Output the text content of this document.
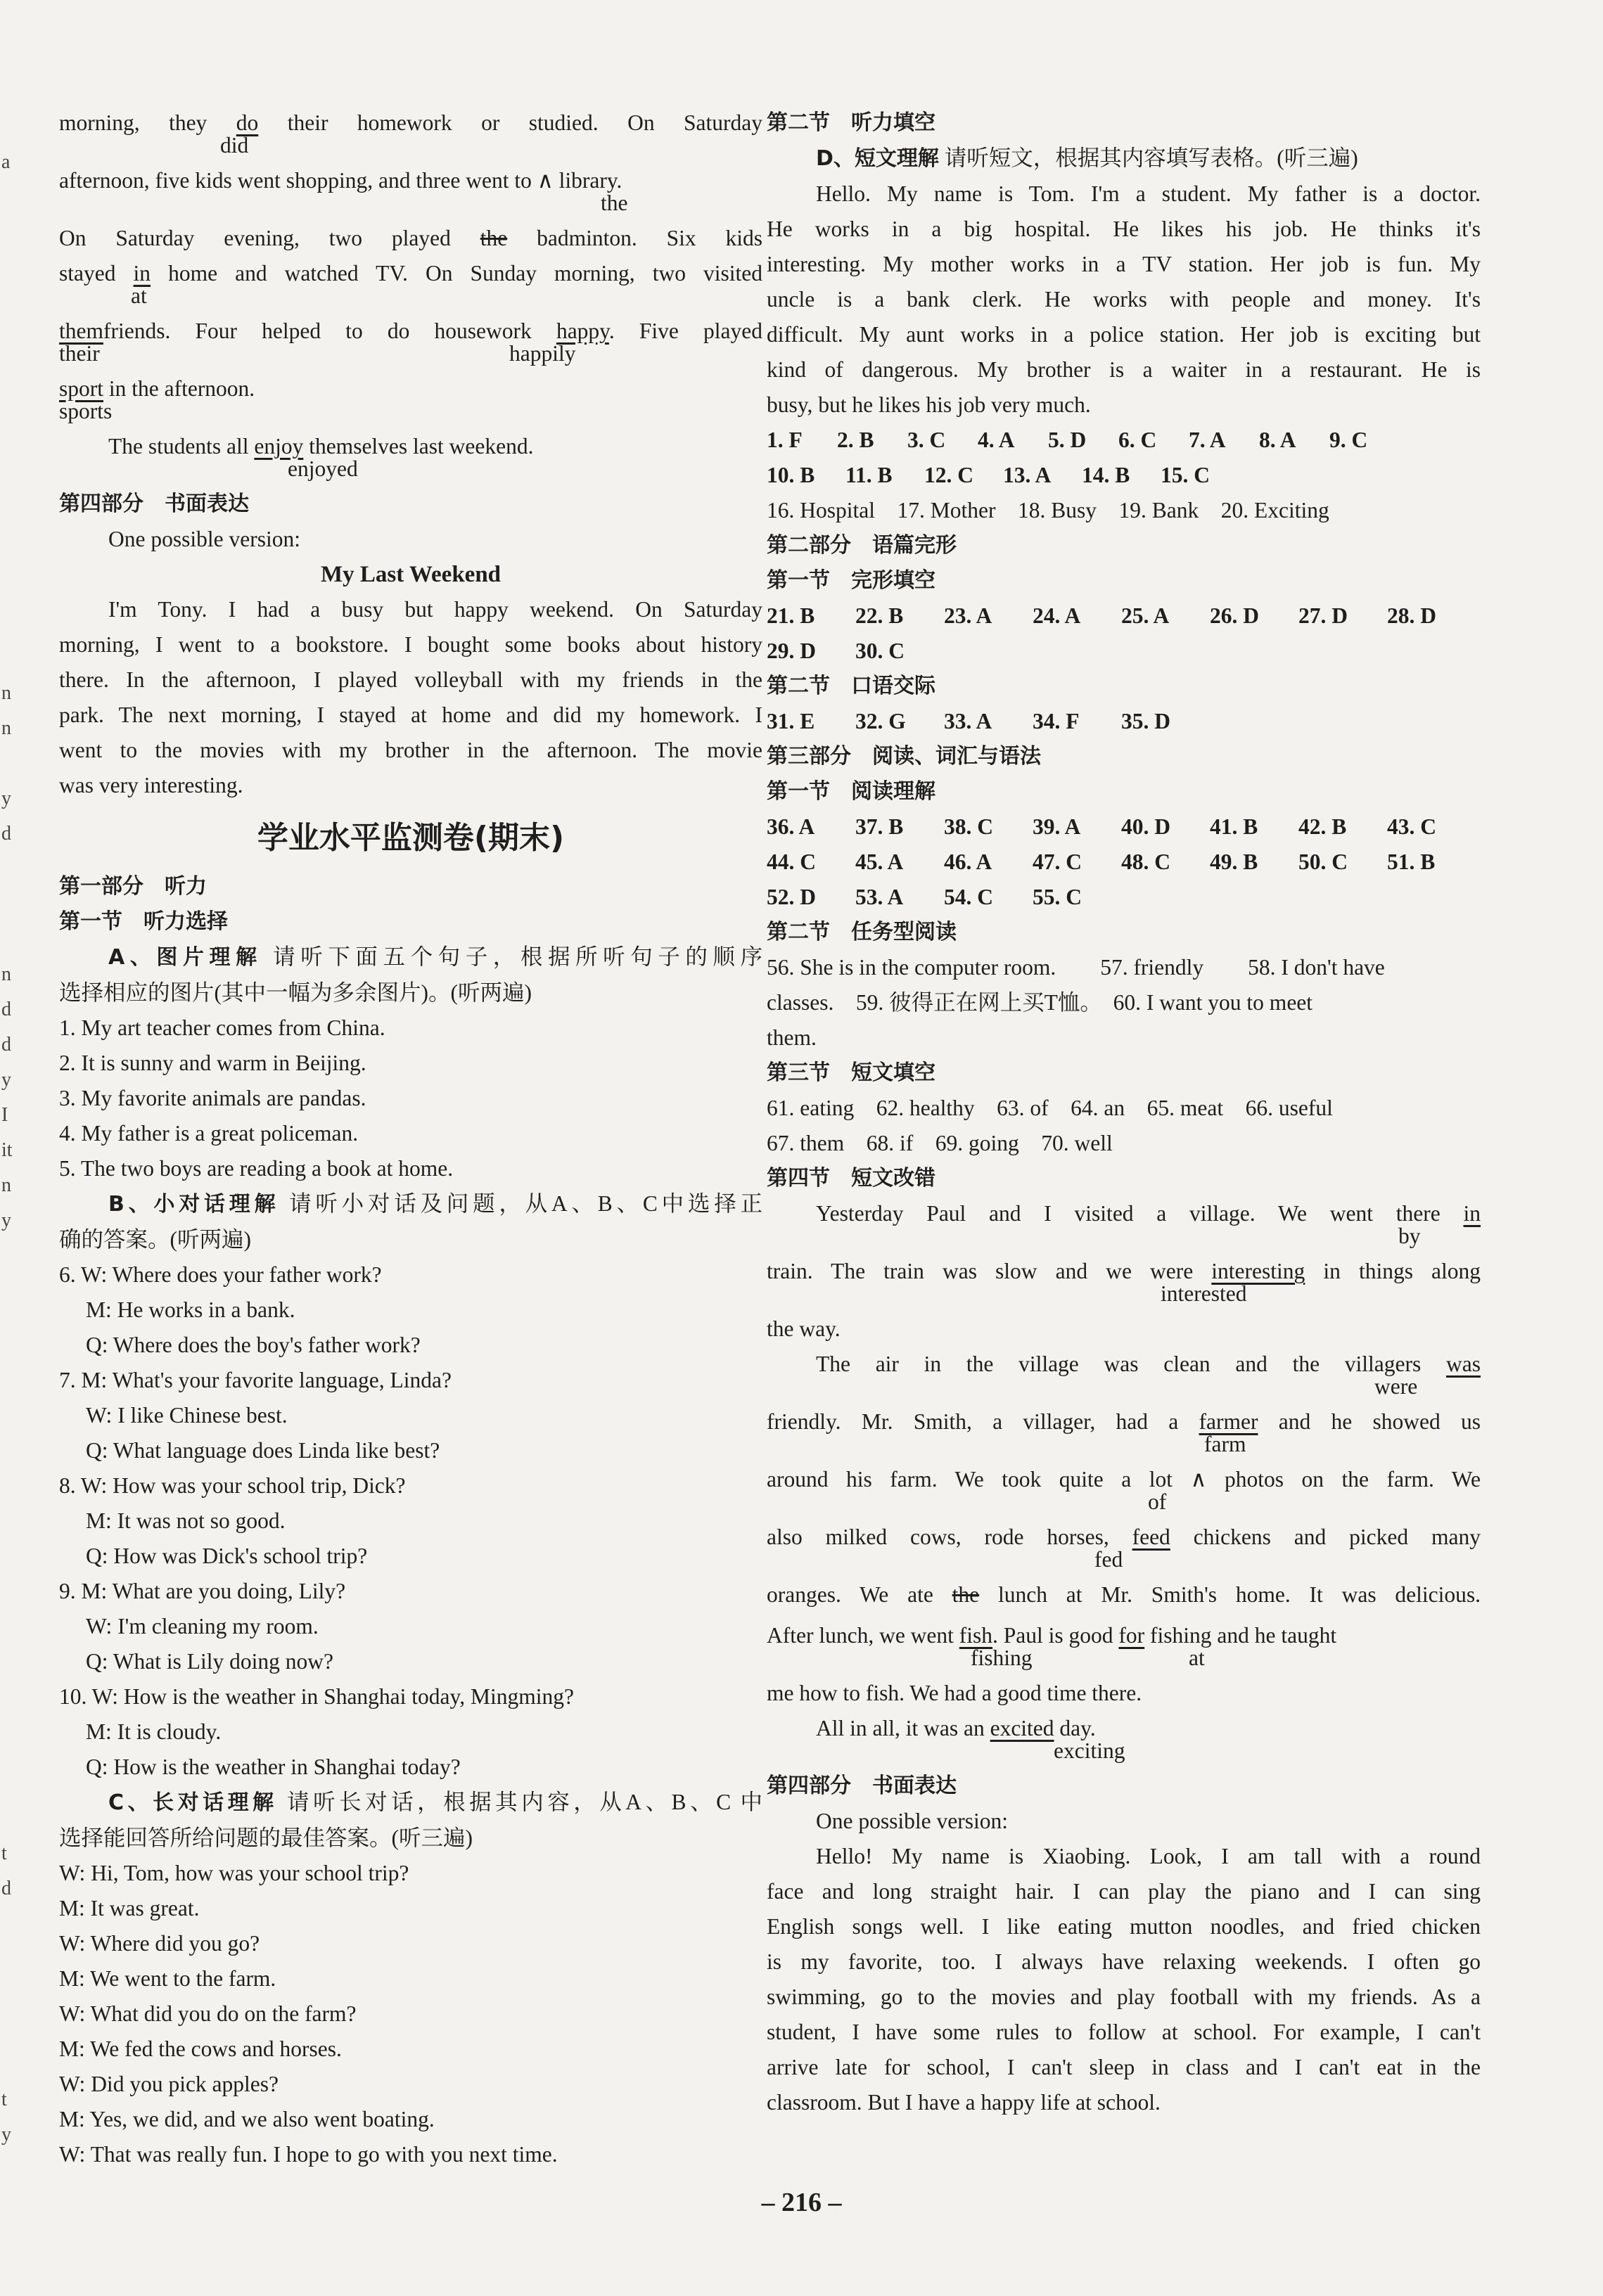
a
n
n
y
d
n
d
d
y
I
it
n
y
t
d
t
y
morning, they do their homework or studied. On Saturday
did
afternoon, five kids went shopping, and three went to ∧ library.
the
On Saturday evening, two played the badminton. Six kids
stayed in home and watched TV. On Sunday morning, two visited
at
themfriends. Four helped to do housework happy. Five played
their	happily
sport in the afternoon.
sports
The students all enjoy themselves last weekend.
enjoyed
第四部分　书面表达
One possible version:
My Last Weekend
I'm Tony. I had a busy but happy weekend. On Saturday
morning, I went to a bookstore. I bought some books about history
there. In the afternoon, I played volleyball with my friends in the
park. The next morning, I stayed at home and did my homework. I
went to the movies with my brother in the afternoon. The movie
was very interesting.
学业水平监测卷(期末)
第一部分　听力
第一节　听力选择
A、图片理解 请听下面五个句子，根据所听句子的顺序
选择相应的图片(其中一幅为多余图片)。(听两遍)
1. My art teacher comes from China.
2. It is sunny and warm in Beijing.
3. My favorite animals are pandas.
4. My father is a great policeman.
5. The two boys are reading a book at home.
B、小对话理解 请听小对话及问题，从A、B、C中选择正
确的答案。(听两遍)
6. W: Where does your father work?
M: He works in a bank.
Q: Where does the boy's father work?
7. M: What's your favorite language, Linda?
W: I like Chinese best.
Q: What language does Linda like best?
8. W: How was your school trip, Dick?
M: It was not so good.
Q: How was Dick's school trip?
9. M: What are you doing, Lily?
W: I'm cleaning my room.
Q: What is Lily doing now?
10. W: How is the weather in Shanghai today, Mingming?
M: It is cloudy.
Q: How is the weather in Shanghai today?
C、长对话理解 请听长对话，根据其内容，从A、B、C 中
选择能回答所给问题的最佳答案。(听三遍)
W: Hi, Tom, how was your school trip?
M: It was great.
W: Where did you go?
M: We went to the farm.
W: What did you do on the farm?
M: We fed the cows and horses.
W: Did you pick apples?
M: Yes, we did, and we also went boating.
W: That was really fun. I hope to go with you next time.
第二节　听力填空
D、短文理解 请听短文，根据其内容填写表格。(听三遍)
Hello. My name is Tom. I'm a student. My father is a doctor.
He works in a big hospital. He likes his job. He thinks it's
interesting. My mother works in a TV station. Her job is fun. My
uncle is a bank clerk. He works with people and money. It's
difficult. My aunt works in a police station. Her job is exciting but
kind of dangerous. My brother is a waiter in a restaurant. He is
busy, but he likes his job very much.
1. F	2. B	3. C	4. A	5. D	6. C	7. A	8. A	9. C
10. B	11. B	12. C	13. A	14. B	15. C
16. Hospital　17. Mother　18. Busy　19. Bank　20. Exciting
第二部分　语篇完形
第一节　完形填空
21. B	22. B	23. A	24. A	25. A	26. D	27. D	28. D
29. D	30. C
第二节　口语交际
31. E	32. G	33. A	34. F	35. D
第三部分　阅读、词汇与语法
第一节　阅读理解
36. A	37. B	38. C	39. A	40. D	41. B	42. B	43. C
44. C	45. A	46. A	47. C	48. C	49. B	50. C	51. B
52. D	53. A	54. C	55. C
第二节　任务型阅读
56. She is in the computer room.　　57. friendly　　58. I don't have
classes.　59. 彼得正在网上买T恤。　60. I want you to meet
them.
第三节　短文填空
61. eating　62. healthy　63. of　64. an　65. meat　66. useful
67. them　68. if　69. going　70. well
第四节　短文改错
Yesterday Paul and I visited a village. We went there in
by
train. The train was slow and we were interesting in things along
interested
the way.
The air in the village was clean and the villagers was
were
friendly. Mr. Smith, a villager, had a farmer and he showed us
farm
around his farm. We took quite a lot ∧ photos on the farm. We
of
also milked cows, rode horses, feed chickens and picked many
fed
oranges. We ate the lunch at Mr. Smith's home. It was delicious.
After lunch, we went fish. Paul is good for fishing and he taught
fishing	at
me how to fish. We had a good time there.
All in all, it was an excited day.
exciting
第四部分　书面表达
One possible version:
Hello! My name is Xiaobing. Look, I am tall with a round
face and long straight hair. I can play the piano and I can sing
English songs well. I like eating mutton noodles, and fried chicken
is my favorite, too. I always have relaxing weekends. I often go
swimming, go to the movies and play football with my friends. As a
student, I have some rules to follow at school. For example, I can't
arrive late for school, I can't sleep in class and I can't eat in the
classroom. But I have a happy life at school.
– 216 –
